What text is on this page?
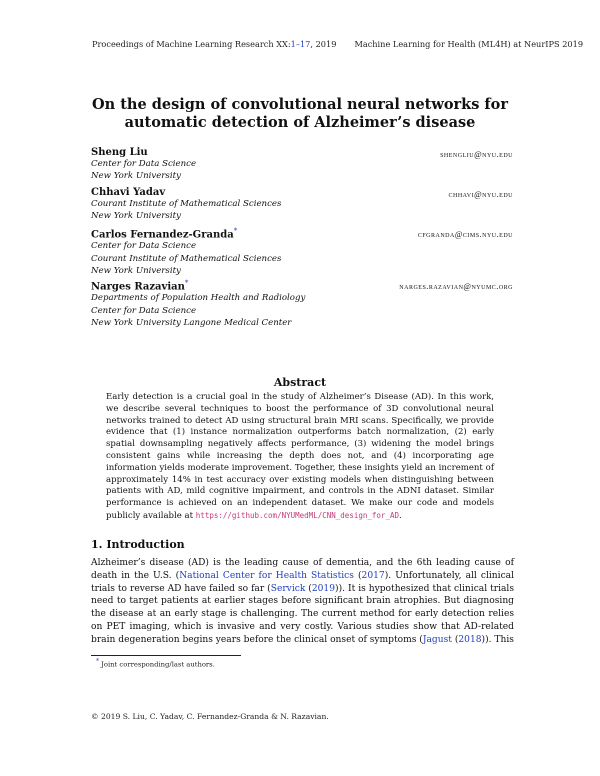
Proceedings of Machine Learning Research XX:1–17, 2019 Machine Learning for Health (ML4H) at NeurIPS 2019
On the design of convolutional neural networks for automatic detection of Alzheimer’s disease
Sheng Liu
Center for Data Science
New York University
shengliu@nyu.edu
Chhavi Yadav
Courant Institute of Mathematical Sciences
New York University
chhavi@nyu.edu
Carlos Fernandez-Granda*
Center for Data Science
Courant Institute of Mathematical Sciences
New York University
cfgranda@cims.nyu.edu
Narges Razavian*
Departments of Population Health and Radiology
Center for Data Science
New York University Langone Medical Center
narges.razavian@nyumc.org
Abstract
Early detection is a crucial goal in the study of Alzheimer’s Disease (AD). In this work, we describe several techniques to boost the performance of 3D convolutional neural networks trained to detect AD using structural brain MRI scans. Specifically, we provide evidence that (1) instance normalization outperforms batch normalization, (2) early spatial downsampling negatively affects performance, (3) widening the model brings consistent gains while increasing the depth does not, and (4) incorporating age information yields moderate improvement. Together, these insights yield an increment of approximately 14% in test accuracy over existing models when distinguishing between patients with AD, mild cognitive impairment, and controls in the ADNI dataset. Similar performance is achieved on an independent dataset. We make our code and models publicly available at https://github.com/NYUMedML/CNN_design_for_AD.
1. Introduction
Alzheimer’s disease (AD) is the leading cause of dementia, and the 6th leading cause of death in the U.S. (National Center for Health Statistics (2017). Unfortunately, all clinical trials to reverse AD have failed so far (Servick (2019)). It is hypothesized that clinical trials need to target patients at earlier stages before significant brain atrophies. But diagnosing the disease at an early stage is challenging. The current method for early detection relies on PET imaging, which is invasive and very costly. Various studies show that AD-related brain degeneration begins years before the clinical onset of symptoms (Jagust (2018)). This
* Joint corresponding/last authors.
© 2019 S. Liu, C. Yadav, C. Fernandez-Granda & N. Razavian.
